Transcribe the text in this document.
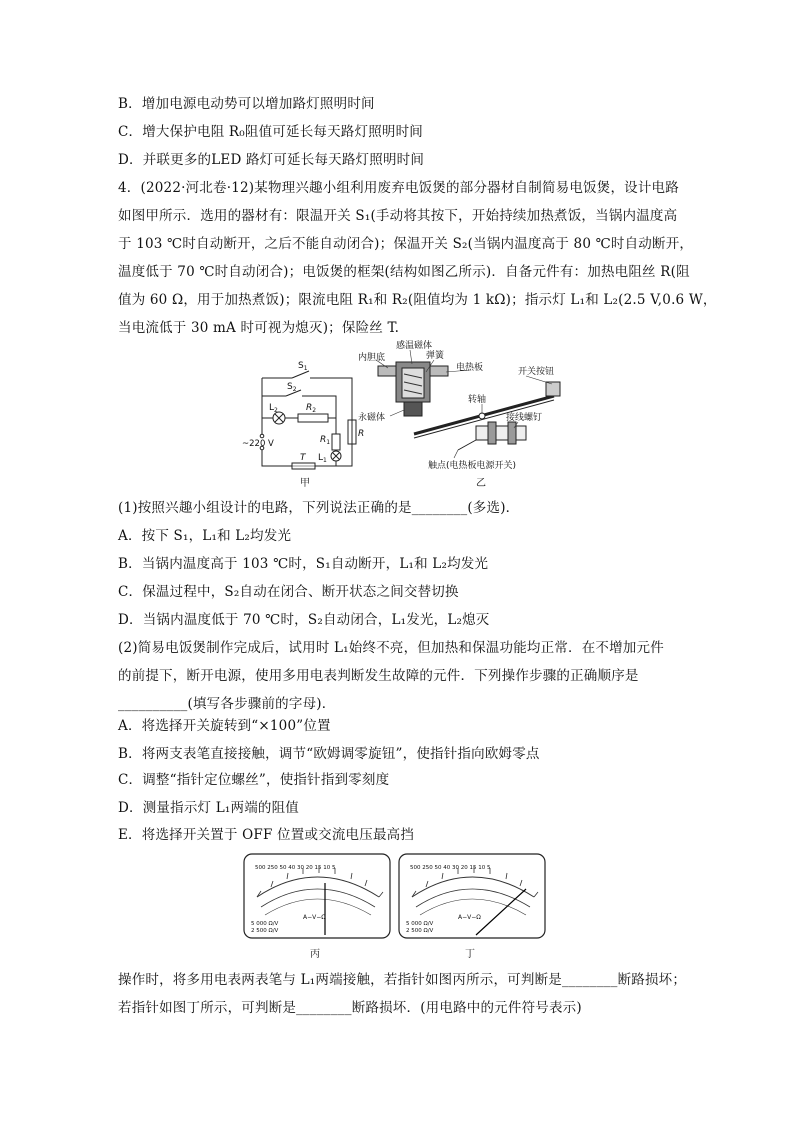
B．增加电源电动势可以增加路灯照明时间
C．增大保护电阻 R₀阻值可延长每天路灯照明时间
D．并联更多的LED 路灯可延长每天路灯照明时间
4．(2022·河北卷·12)某物理兴趣小组利用废弃电饭煲的部分器材自制简易电饭煲，设计电路
如图甲所示．选用的器材有：限温开关 S₁(手动将其按下，开始持续加热煮饭，当锅内温度高
于 103 ℃时自动断开，之后不能自动闭合)；保温开关 S₂(当锅内温度高于 80 ℃时自动断开，
温度低于 70 ℃时自动闭合)；电饭煲的框架(结构如图乙所示)．自备元件有：加热电阻丝 R(阻
值为 60 Ω，用于加热煮饭)；限流电阻 R₁和 R₂(阻值均为 1 kΩ)；指示灯 L₁和 L₂(2.5 V,0.6 W，
当电流低于 30 mA 时可视为熄灭)；保险丝 T.
$S_1$
$S_2$
$L_2$	$R_2$
$R_1$
$L_1$
R
T
~220 V
甲
感温磁体
内胆底	弹簧
电热板	开关按钮
转轴
永磁体	接线螺钉
触点(电热板电源开关)
乙
(1)按照兴趣小组设计的电路，下列说法正确的是________(多选)．
A．按下 S₁，L₁和 L₂均发光
B．当锅内温度高于 103 ℃时，S₁自动断开，L₁和 L₂均发光
C．保温过程中，S₂自动在闭合、断开状态之间交替切换
D．当锅内温度低于 70 ℃时，S₂自动闭合，L₁发光，L₂熄灭
(2)简易电饭煲制作完成后，试用时 L₁始终不亮，但加热和保温功能均正常．在不增加元件
的前提下，断开电源，使用多用电表判断发生故障的元件．下列操作步骤的正确顺序是
__________(填写各步骤前的字母)．
A．将选择开关旋转到“×100”位置
B．将两支表笔直接接触，调节“欧姆调零旋钮”，使指针指向欧姆零点
C．调整“指针定位螺丝”，使指针指到零刻度
D．测量指示灯 L₁两端的阻值
E．将选择开关置于 OFF 位置或交流电压最高挡
500 250 50 40 30 20 15 10 5
A−V−Ω
5 000 Ω/V
2 500 Ω/V
丙
500 250 50 40 30 20 15 10 5
A−V−Ω
5 000 Ω/V
2 500 Ω/V
丁
操作时，将多用电表两表笔与 L₁两端接触，若指针如图丙所示，可判断是________断路损坏；
若指针如图丁所示，可判断是________断路损坏．(用电路中的元件符号表示)
